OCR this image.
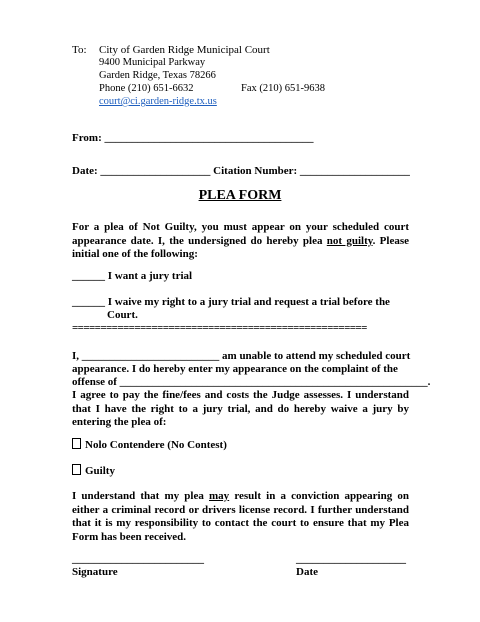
To: City of Garden Ridge Municipal Court
9400 Municipal Parkway
Garden Ridge, Texas 78266
Phone (210) 651-6632	Fax (210) 651-9638
court@ci.garden-ridge.tx.us
From: ______________________________________
Date: ____________________ Citation Number: ____________________
PLEA FORM
For a plea of Not Guilty, you must appear on your scheduled court appearance date. I, the undersigned do hereby plea not guilty. Please initial one of the following:
______ I want a jury trial
______ I waive my right to a jury trial and request a trial before the
Court.
====================================================
I, _________________________ am unable to attend my scheduled court
appearance. I do hereby enter my appearance on the complaint of the
offense of ________________________________________________________.
I agree to pay the fine/fees and costs the Judge assesses. I understand that I have the right to a jury trial, and do hereby waive a jury by entering the plea of:
Nolo Contendere (No Contest)
Guilty
I understand that my plea may result in a conviction appearing on either a criminal record or drivers license record. I further understand that it is my responsibility to contact the court to ensure that my Plea Form has been received.
________________________
Signature
____________________
Date
